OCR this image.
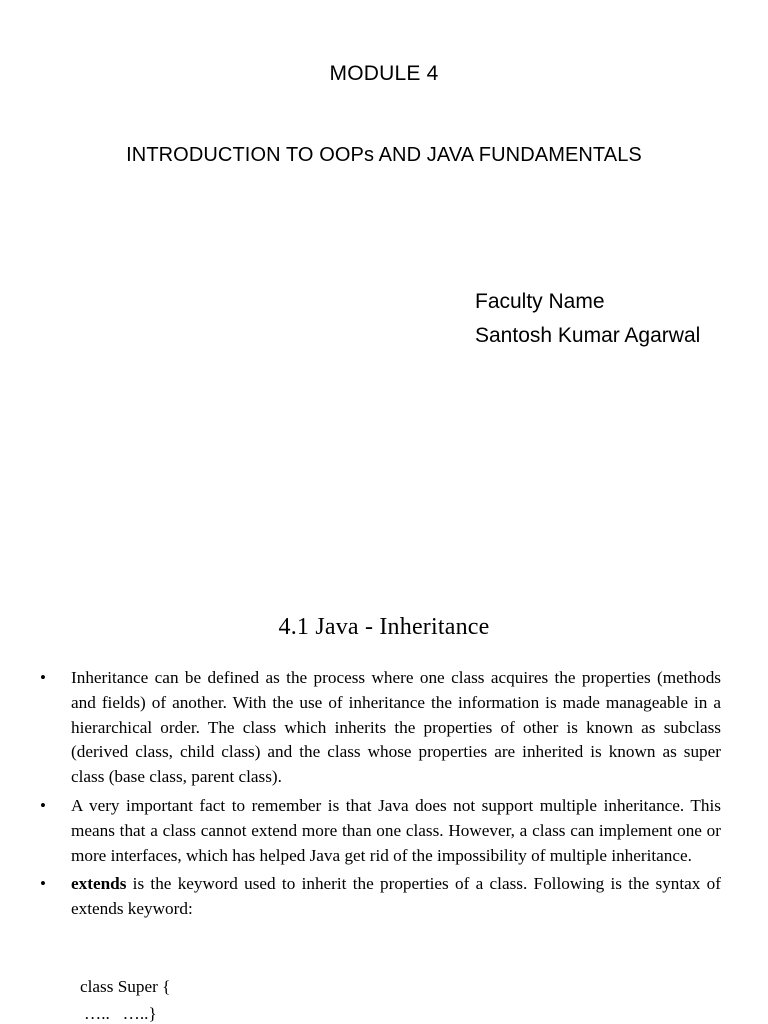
MODULE 4
INTRODUCTION TO OOPs AND JAVA FUNDAMENTALS
Faculty Name
Santosh Kumar Agarwal
4.1 Java - Inheritance
• Inheritance can be defined as the process where one class acquires the properties (methods and fields) of another. With the use of inheritance the information is made manageable in a hierarchical order. The class which inherits the properties of other is known as subclass (derived class, child class) and the class whose properties are inherited is known as super class (base class, parent class).
• A very important fact to remember is that Java does not support multiple inheritance. This means that a class cannot extend more than one class. However, a class can implement one or more interfaces, which has helped Java get rid of the impossibility of multiple inheritance.
• extends is the keyword used to inherit the properties of a class. Following is the syntax of extends keyword:
class Super {
…..   …..}
